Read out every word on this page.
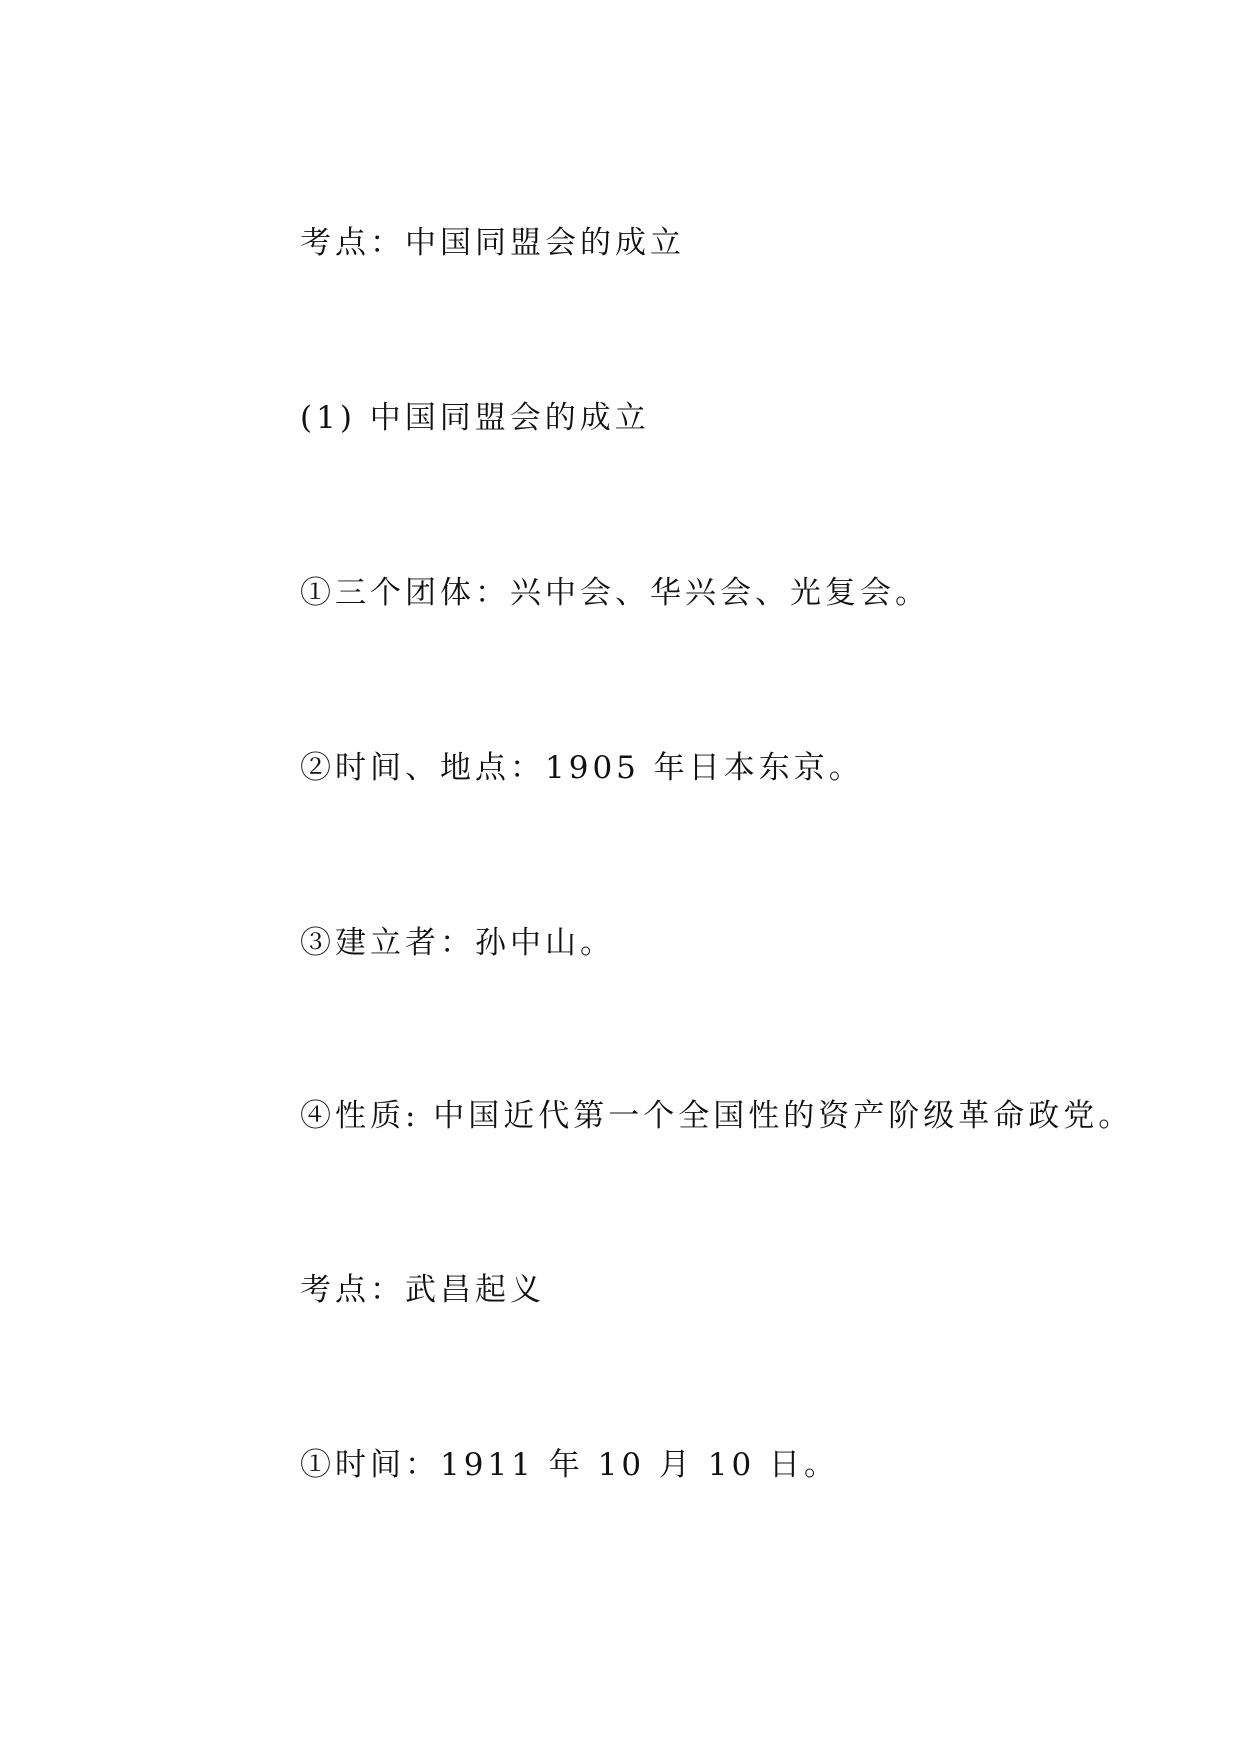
考点：中国同盟会的成立
(1) 中国同盟会的成立
①三个团体：兴中会、华兴会、光复会。
②时间、地点：1905 年日本东京。
③建立者：孙中山。
④性质: 中国近代第一个全国性的资产阶级革命政党。
考点：武昌起义
①时间：1911 年 10 月 10 日。
